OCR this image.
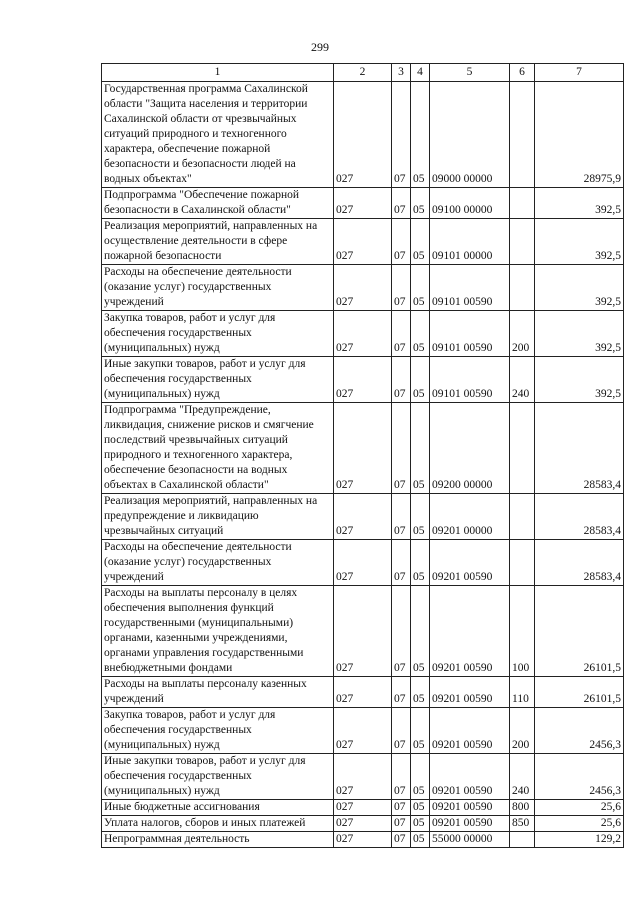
299
1	2	3	4	5	6	7
Государственная программа Сахалинской области "Защита населения и территории Сахалинской области от чрезвычайных ситуаций природного и техногенного характера, обеспечение пожарной безопасности и безопасности людей на водных объектах"	027	07	05	09000 00000		28975,9
Подпрограмма "Обеспечение пожарной безопасности в Сахалинской области"	027	07	05	09100 00000		392,5
Реализация мероприятий, направленных на осуществление деятельности в сфере пожарной безопасности	027	07	05	09101 00000		392,5
Расходы на обеспечение деятельности (оказание услуг) государственных учреждений	027	07	05	09101 00590		392,5
Закупка товаров, работ и услуг для обеспечения государственных (муниципальных) нужд	027	07	05	09101 00590	200	392,5
Иные закупки товаров, работ и услуг для обеспечения государственных (муниципальных) нужд	027	07	05	09101 00590	240	392,5
Подпрограмма "Предупреждение, ликвидация, снижение рисков и смягчение последствий чрезвычайных ситуаций природного и техногенного характера, обеспечение безопасности на водных объектах в Сахалинской области"	027	07	05	09200 00000		28583,4
Реализация мероприятий, направленных на предупреждение и ликвидацию чрезвычайных ситуаций	027	07	05	09201 00000		28583,4
Расходы на обеспечение деятельности (оказание услуг) государственных учреждений	027	07	05	09201 00590		28583,4
Расходы на выплаты персоналу в целях обеспечения выполнения функций государственными (муниципальными) органами, казенными учреждениями, органами управления государственными внебюджетными фондами	027	07	05	09201 00590	100	26101,5
Расходы на выплаты персоналу казенных учреждений	027	07	05	09201 00590	110	26101,5
Закупка товаров, работ и услуг для обеспечения государственных (муниципальных) нужд	027	07	05	09201 00590	200	2456,3
Иные закупки товаров, работ и услуг для обеспечения государственных (муниципальных) нужд	027	07	05	09201 00590	240	2456,3
Иные бюджетные ассигнования	027	07	05	09201 00590	800	25,6
Уплата налогов, сборов и иных платежей	027	07	05	09201 00590	850	25,6
Непрограммная деятельность	027	07	05	55000 00000		129,2
